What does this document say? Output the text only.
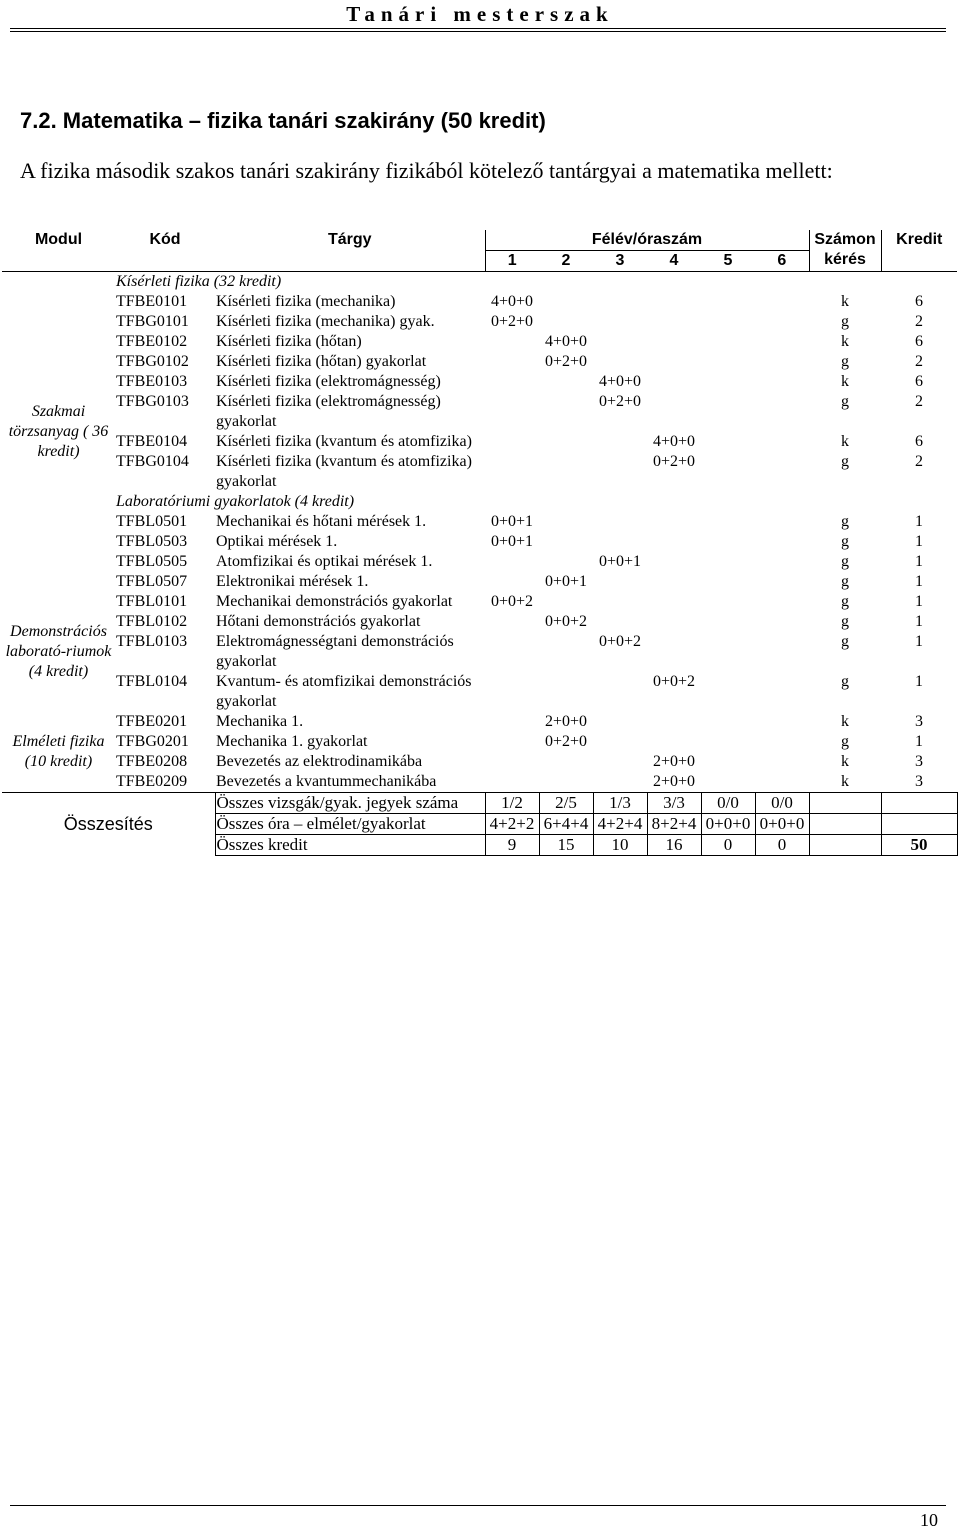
Tanári mesterszak
7.2. Matematika – fizika tanári szakirány (50 kredit)
A fizika második szakos tanári szakirány fizikából kötelező tantárgyai a matematika mellett:
Modul	Kód	Tárgy	Félév/óraszám						Számon kérés	Kredit
			1	2	3	4	5	6		
Szakmai törzsanyag ( 36 kredit)	Kísérleti fizika (32 kredit)									
	TFBE0101	Kísérleti fizika (mechanika)	4+0+0						k	6
	TFBG0101	Kísérleti fizika (mechanika) gyak.	0+2+0						g	2
	TFBE0102	Kísérleti fizika (hőtan)		4+0+0					k	6
	TFBG0102	Kísérleti fizika (hőtan) gyakorlat		0+2+0					g	2
	TFBE0103	Kísérleti fizika (elektromágnesség)			4+0+0				k	6
	TFBG0103	Kísérleti fizika (elektromágnesség) gyakorlat			0+2+0				g	2
	TFBE0104	Kísérleti fizika (kvantum és atomfizika)				4+0+0			k	6
	TFBG0104	Kísérleti fizika (kvantum és atomfizika) gyakorlat				0+2+0			g	2
	Laboratóriumi gyakorlatok (4 kredit)									
	TFBL0501	Mechanikai és hőtani mérések 1.	0+0+1						g	1
	TFBL0503	Optikai mérések 1.	0+0+1						g	1
	TFBL0505	Atomfizikai és optikai mérések 1.			0+0+1				g	1
	TFBL0507	Elektronikai mérések 1.		0+0+1					g	1
Demonstrációs laborató-riumok (4 kredit)	TFBL0101	Mechanikai demonstrációs gyakorlat	0+0+2						g	1
	TFBL0102	Hőtani demonstrációs gyakorlat		0+0+2					g	1
	TFBL0103	Elektromágnességtani demonstrációs gyakorlat			0+0+2				g	1
	TFBL0104	Kvantum- és atomfizikai demonstrációs gyakorlat				0+0+2			g	1
Elméleti fizika (10 kredit)	TFBE0201	Mechanika 1.		2+0+0					k	3
	TFBG0201	Mechanika 1. gyakorlat		0+2+0					g	1
	TFBE0208	Bevezetés az elektrodinamikába				2+0+0			k	3
	TFBE0209	Bevezetés a kvantummechanikába				2+0+0			k	3
Összesítés		Összes vizsgák/gyak. jegyek száma	1/2	2/5	1/3	3/3	0/0	0/0		
		Összes óra – elmélet/gyakorlat	4+2+2	6+4+4	4+2+4	8+2+4	0+0+0	0+0+0		
		Összes kredit	9	15	10	16	0	0		50
10
